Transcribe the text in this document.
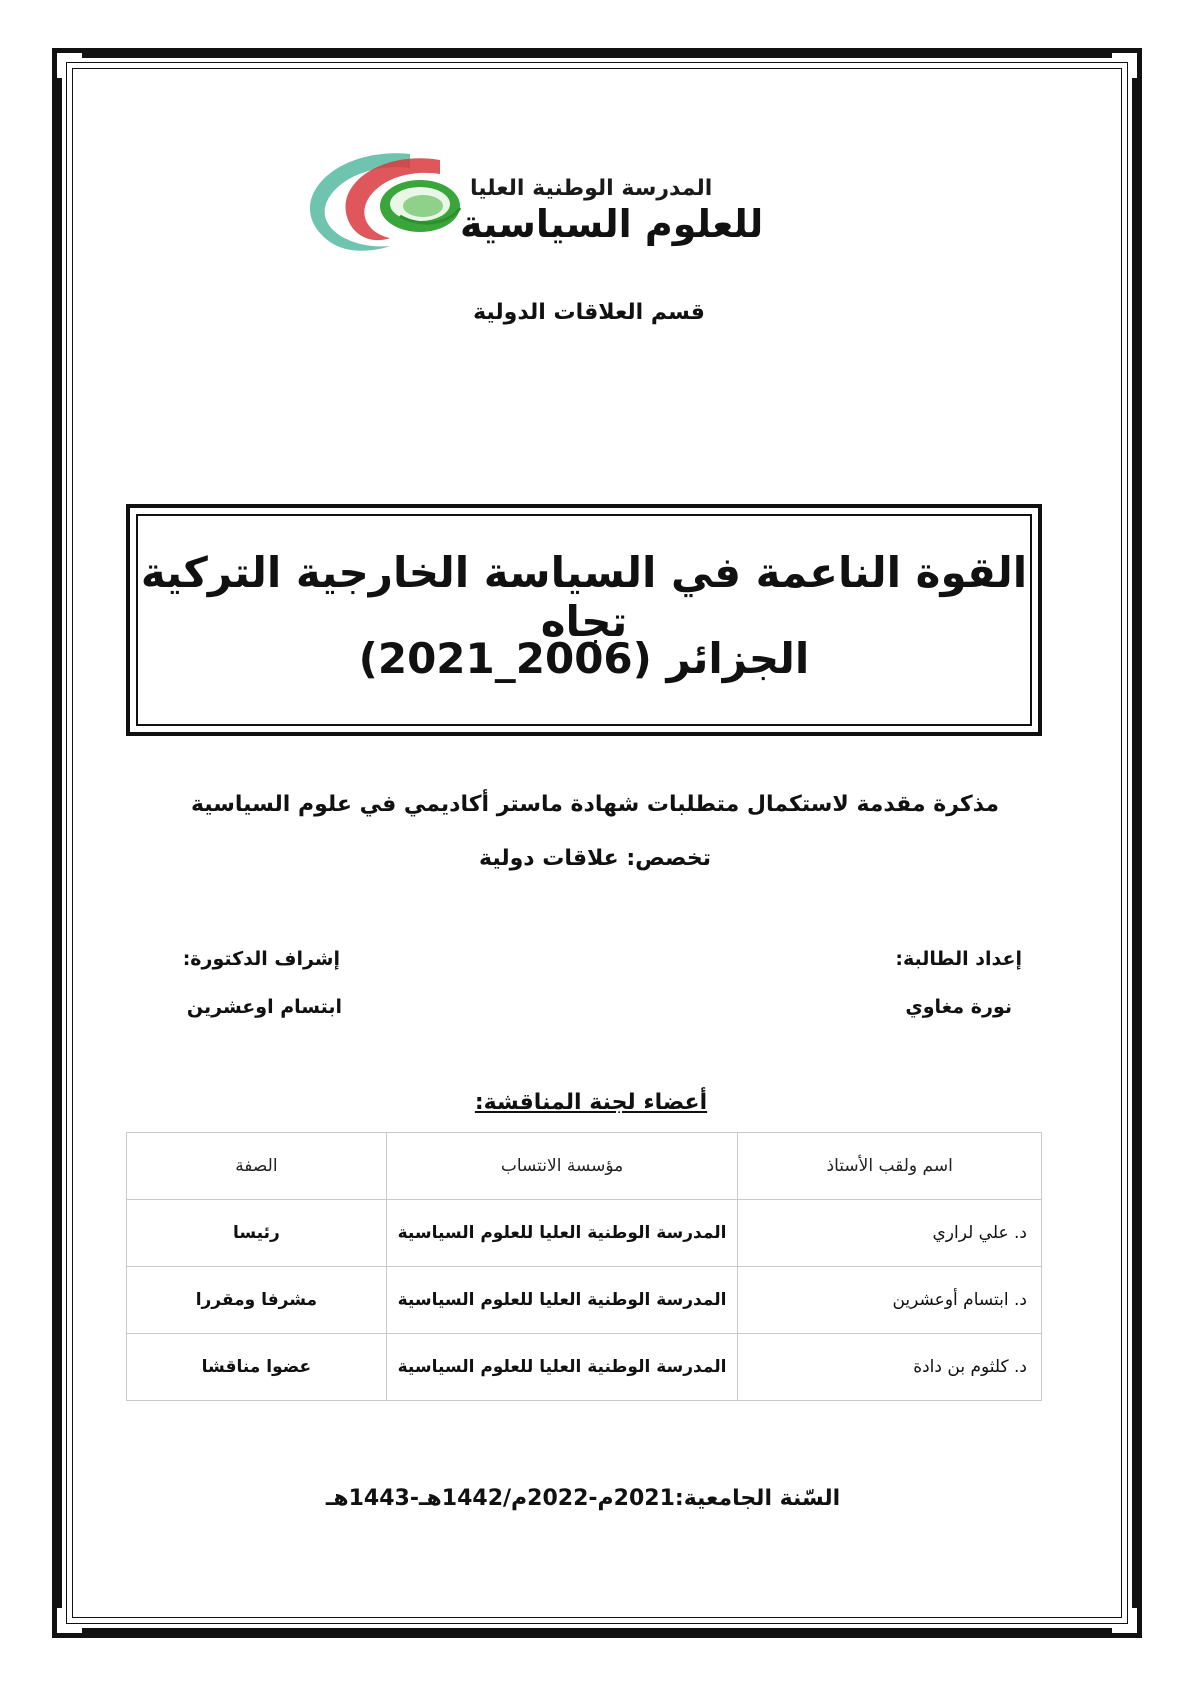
المدرسة الوطنية العليا
للعلوم السياسية
قسم العلاقات الدولية
القوة الناعمة في السياسة الخارجية التركية تجاه
الجزائر (2006_2021)
مذكرة مقدمة لاستكمال متطلبات شهادة ماستر أكاديمي في علوم السياسية
تخصص: علاقات دولية
إعداد الطالبة:
نورة مغاوي
إشراف الدكتورة:
ابتسام اوعشرين
أعضاء لجنة المناقشة:
اسم ولقب الأستاذ	مؤسسة الانتساب	الصفة
د. علي لراري	المدرسة الوطنية العليا للعلوم السياسية	رئيسا
د. ابتسام أوعشرين	المدرسة الوطنية العليا للعلوم السياسية	مشرفا ومقررا
د. كلثوم بن دادة	المدرسة الوطنية العليا للعلوم السياسية	عضوا مناقشا
السّنة الجامعية:2021م-2022م/1442هـ-1443هـ
